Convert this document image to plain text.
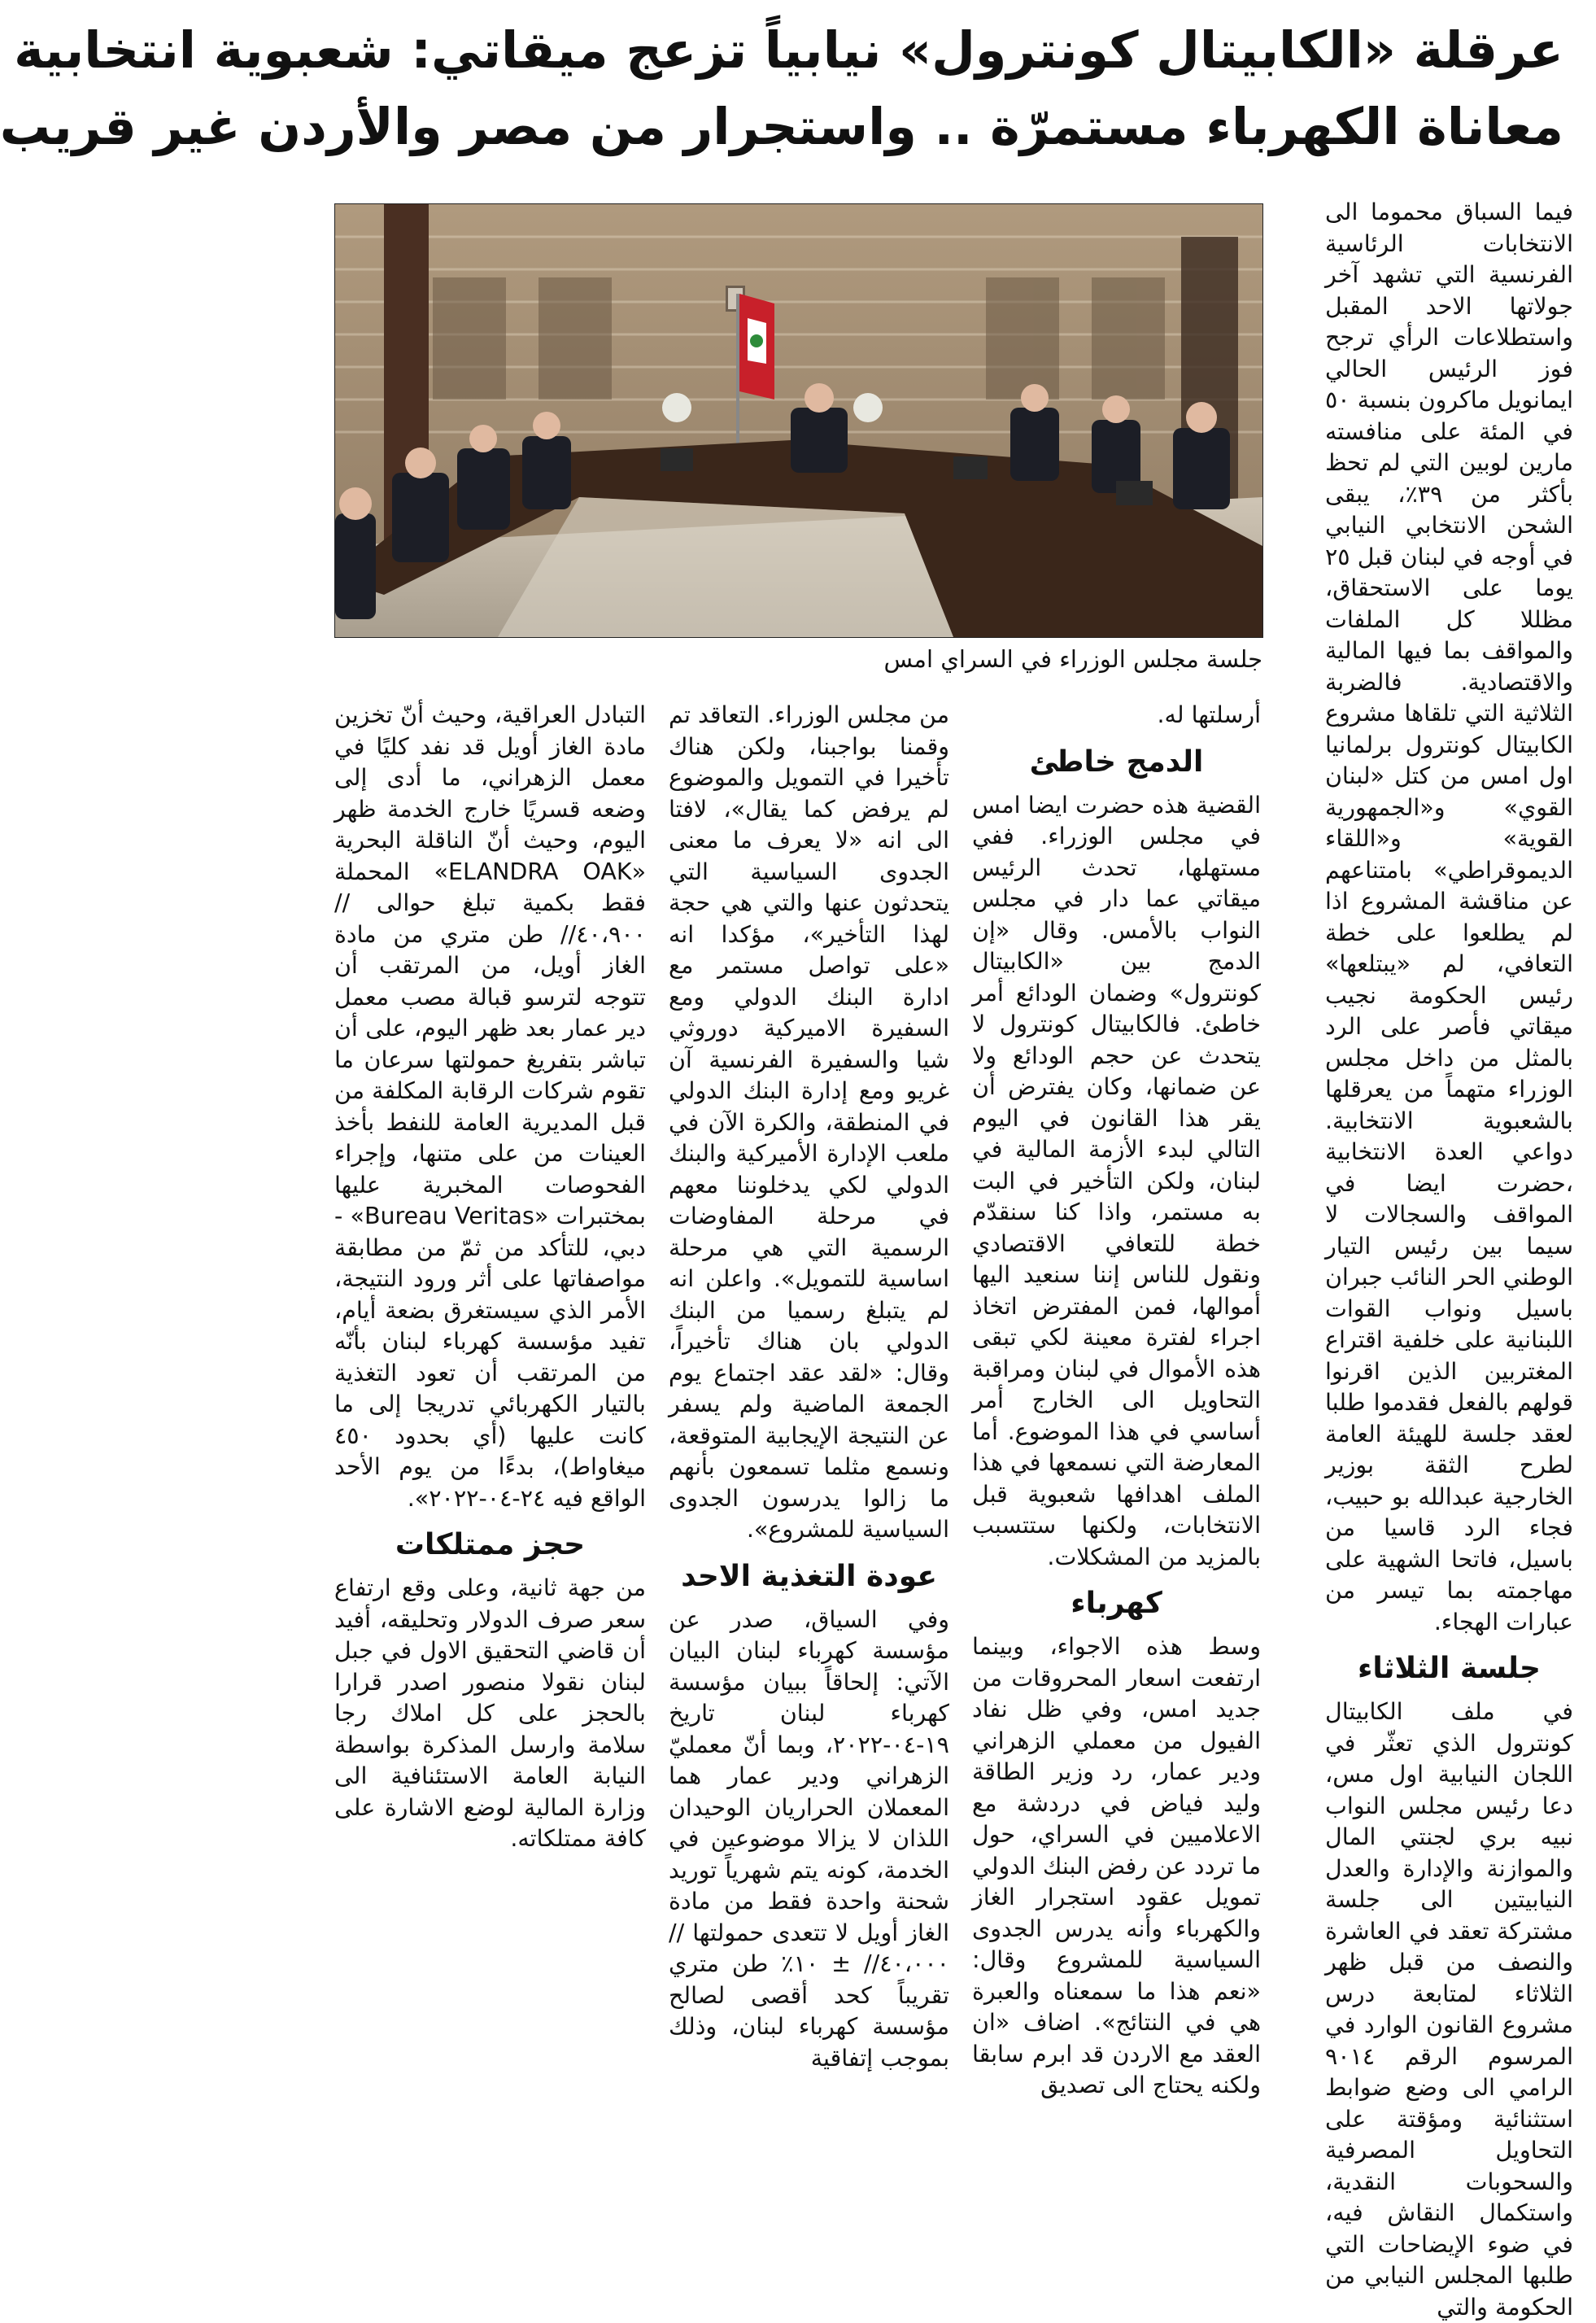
عرقلة «الكابيتال كونترول» نيابياً تزعج ميقاتي: شعبوية انتخابية
معاناة الكهرباء مستمرّة .. واستجرار من مصر والأردن غير قريب
جلسة مجلس الوزراء في السراي امس

فيما السباق محموما الى الانتخابات الرئاسية الفرنسية التي تشهد آخر جولاتها الاحد المقبل واستطلاعات الرأي ترجح فوز الرئيس الحالي ايمانويل ماكرون بنسبة ٥٠ في المئة على منافسته مارين لوبين التي لم تحظ بأكثر من ٣٩٪، يبقى الشحن الانتخابي النيابي في أوجه في لبنان قبل ٢٥ يوما على الاستحقاق، مظللا كل الملفات والمواقف بما فيها المالية والاقتصادية. فالضربة الثلاثية التي تلقاها مشروع الكابيتال كونترول برلمانيا اول امس من كتل «لبنان القوي» و«الجمهورية القوية» و«اللقاء الديموقراطي» بامتناعهم عن مناقشة المشروع اذا لم يطلعوا على خطة التعافي، لم «يبتلعها» رئيس الحكومة نجيب ميقاتي فأصر على الرد بالمثل من داخل مجلس الوزراء متهماً من يعرقلها بالشعبوية الانتخابية. دواعي العدة الانتخابية ،حضرت ايضا في المواقف والسجالات لا سيما بين رئيس التيار الوطني الحر النائب جبران باسيل ونواب القوات اللبنانية على خلفية اقتراع المغتربين الذين اقرنوا قولهم بالفعل فقدموا طلبا لعقد جلسة للهيئة العامة لطرح الثقة بوزير الخارجية عبدالله بو حبيب، فجاء الرد قاسيا من باسيل، فاتحا الشهية على مهاجمته بما تيسر من عبارات الهجاء.

جلسة الثلاثاء

في ملف الكابيتال كونترول الذي تعثّر في اللجان النيابية اول مس، دعا رئيس مجلس النواب نبيه بري لجنتي المال والموازنة والإدارة والعدل النيابيتين الى جلسة مشتركة تعقد في العاشرة والنصف من قبل ظهر الثلاثاء لمتابعة درس مشروع القانون الوارد في المرسوم الرقم ٩٠١٤ الرامي الى وضع ضوابط استثنائية ومؤقتة على التحاويل المصرفية والسحوبات النقدية، واستكمال النقاش فيه، في ضوء الإيضاحات التي طلبها المجلس النيابي من الحكومة والتي

أرسلتها له.

الدمج خاطئ

القضية هذه حضرت ايضا امس في مجلس الوزراء. ففي مستهلها، تحدث الرئيس ميقاتي عما دار في مجلس النواب بالأمس. وقال «إن الدمج بين «الكابيتال كونترول» وضمان الودائع أمر خاطئ. فالكابيتال كونترول لا يتحدث عن حجم الودائع ولا عن ضمانها، وكان يفترض أن يقر هذا القانون في اليوم التالي لبدء الأزمة المالية في لبنان، ولكن التأخير في البت به مستمر، واذا كنا سنقدّم خطة للتعافي الاقتصادي ونقول للناس إننا سنعيد اليها أموالها، فمن المفترض اتخاذ اجراء لفترة معينة لكي تبقى هذه الأموال في لبنان ومراقبة التحاويل الى الخارج أمر أساسي في هذا الموضوع. أما المعارضة التي نسمعها في هذا الملف اهدافها شعبوية قبل الانتخابات، ولكنها ستتسبب بالمزيد من المشكلات.

كهرباء

وسط هذه الاجواء، وبينما ارتفعت اسعار المحروقات من جديد امس، وفي ظل نفاد الفيول من معملي الزهراني ودير عمار، رد وزير الطاقة وليد فياض في دردشة مع الاعلاميين في السراي، حول ما تردد عن رفض البنك الدولي تمويل عقود استجرار الغاز والكهرباء وأنه يدرس الجدوى السياسية للمشروع وقال: «نعم هذا ما سمعناه والعبرة هي في النتائج». اضاف «ان العقد مع الاردن قد ابرم سابقا ولكنه يحتاج الى تصديق

من مجلس الوزراء. التعاقد تم وقمنا بواجبنا، ولكن هناك تأخيرا في التمويل والموضوع لم يرفض كما يقال»، لافتا الى انه «لا يعرف ما معنى الجدوى السياسية التي يتحدثون عنها والتي هي حجة لهذا التأخير»، مؤكدا انه «على تواصل مستمر مع ادارة البنك الدولي ومع السفيرة الاميركية دوروثي شيا والسفيرة الفرنسية آن غريو ومع إدارة البنك الدولي في المنطقة، والكرة الآن في ملعب الإدارة الأميركية والبنك الدولي لكي يدخلوننا معهم في مرحلة المفاوضات الرسمية التي هي مرحلة اساسية للتمويل». واعلن انه لم يتبلغ رسميا من البنك الدولي بان هناك تأخيراً، وقال: «لقد عقد اجتماع يوم الجمعة الماضية ولم يسفر عن النتيجة الإيجابية المتوقعة، ونسمع مثلما تسمعون بأنهم ما زالوا يدرسون الجدوى السياسية للمشروع».

عودة التغذية الاحد

وفي السياق، صدر عن مؤسسة كهرباء لبنان البيان الآتي: إلحاقاً ببيان مؤسسة كهرباء لبنان تاريخ ١٩-٠٤-٢٠٢٢، وبما أنّ معمليّ الزهراني ودير عمار هما المعملان الحراريان الوحيدان اللذان لا يزالا موضوعين في الخدمة، كونه يتم شهرياً توريد شحنة واحدة فقط من مادة الغاز أويل لا تتعدى حمولتها //٤٠،٠٠٠// ± ١٠٪ طن متري تقريباً كحد أقصى لصالح مؤسسة كهرباء لبنان، وذلك بموجب إتفاقية

التبادل العراقية، وحيث أنّ تخزين مادة الغاز أويل قد نفد كليًا في معمل الزهراني، ما أدى إلى وضعه قسريًا خارج الخدمة ظهر اليوم، وحيث أنّ الناقلة البحرية «ELANDRA OAK» المحملة فقط بكمية تبلغ حوالى //٤٠،٩٠٠// طن متري من مادة الغاز أويل، من المرتقب أن تتوجه لترسو قبالة مصب معمل دير عمار بعد ظهر اليوم، على أن تباشر بتفريغ حمولتها سرعان ما تقوم شركات الرقابة المكلفة من قبل المديرية العامة للنفط بأخذ العينات من على متنها، وإجراء الفحوصات المخبرية عليها بمختبرات «Bureau Veritas» - دبي، للتأكد من ثمّ من مطابقة مواصفاتها على أثر ورود النتيجة، الأمر الذي سيستغرق بضعة أيام، تفيد مؤسسة كهرباء لبنان بأنّه من المرتقب أن تعود التغذية بالتيار الكهربائي تدريجا إلى ما كانت عليها (أي بحدود ٤٥٠ ميغاواط)، بدءًا من يوم الأحد الواقع فيه ٢٤-٠٤-٢٠٢٢».

حجز ممتلكات

من جهة ثانية، وعلى وقع ارتفاع سعر صرف الدولار وتحليقه، أفيد أن قاضي التحقيق الاول في جبل لبنان نقولا منصور اصدر قرارا بالحجز على كل املاك رجا سلامة وارسل المذكرة بواسطة النيابة العامة الاستئنافية الى وزارة المالية لوضع الاشارة على كافة ممتلكاته.
